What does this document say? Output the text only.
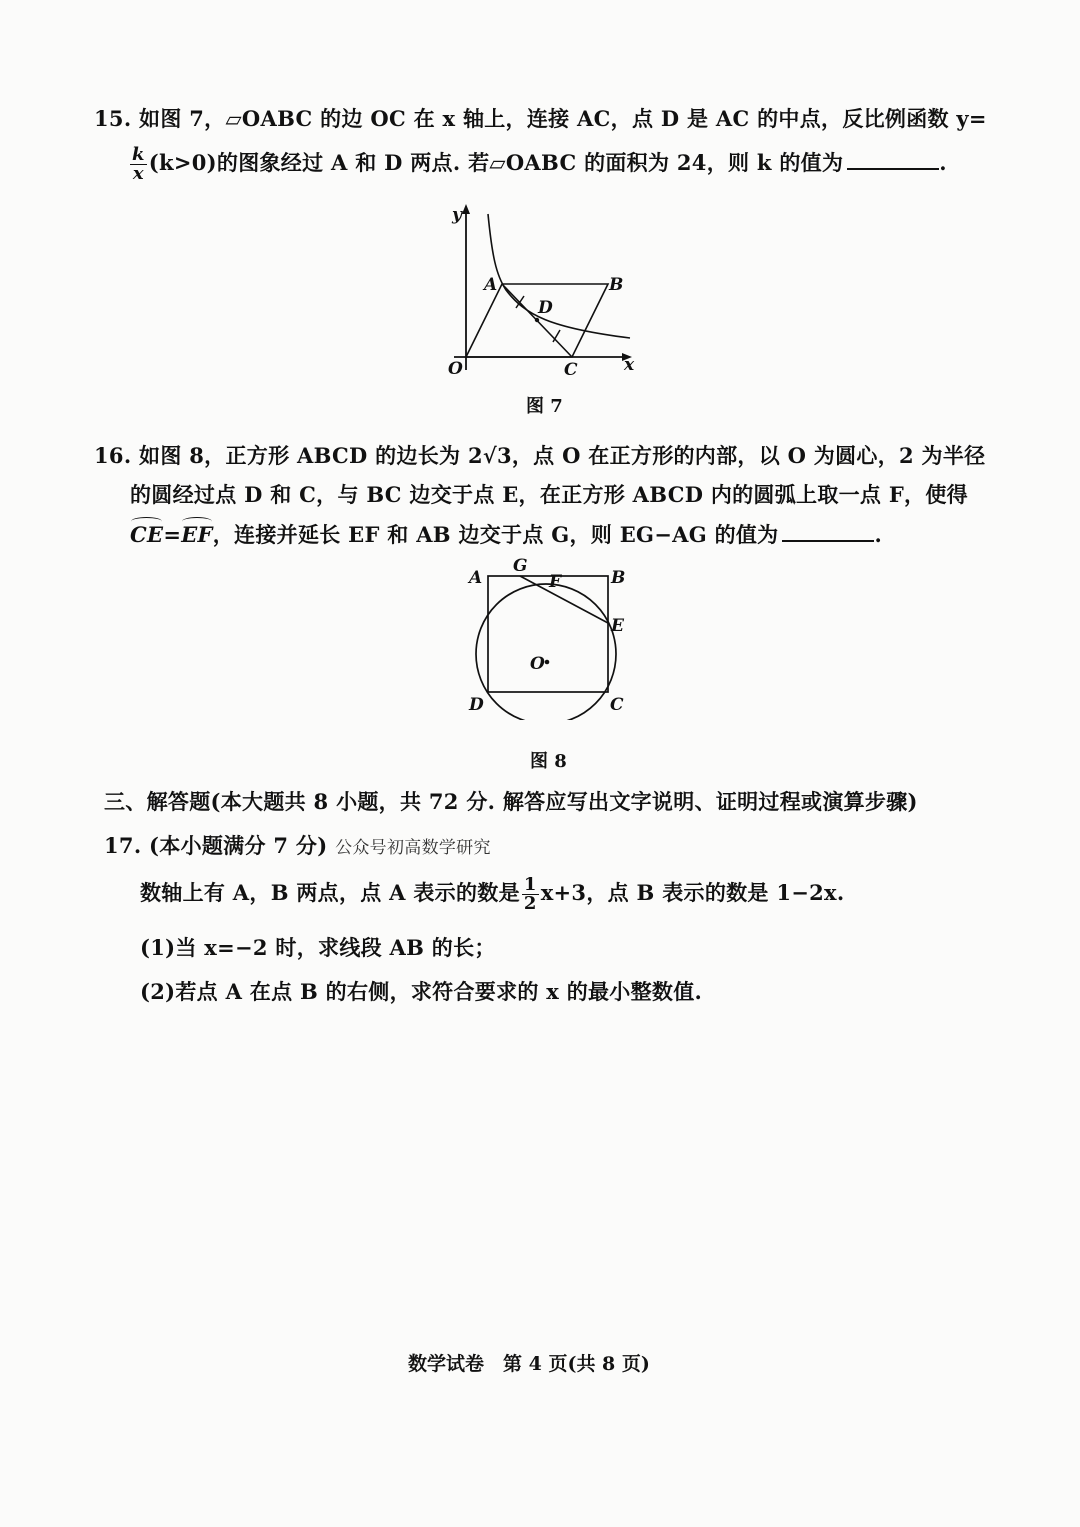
15. 如图 7，▱OABC 的边 OC 在 x 轴上，连接 AC，点 D 是 AC 的中点，反比例函数 y=
$\frac{k}{x} (k>0)$的图象经过 A 和 D 两点. 若▱OABC 的面积为 24，则 k 的值为	.
y
x
O
A	B
C
D
图 7
16. 如图 8，正方形 ABCD 的边长为 2√3，点 O 在正方形的内部，以 O 为圆心，2 为半径
的圆经过点 D 和 C，与 BC 边交于点 E，在正方形 ABCD 内的圆弧上取一点 F，使得
CE=EF，连接并延长 EF 和 AB 边交于点 G，则 EG−AG 的值为	.
A
G
F	B
E
O
D	C
图 8
三、解答题(本大题共 8 小题，共 72 分. 解答应写出文字说明、证明过程或演算步骤)
17. (本小题满分 7 分) 公众号初高数学研究
数轴上有 A，B 两点，点 A 表示的数是 $\frac{1}{2} x+3$，点 B 表示的数是 1−2x.
(1)当 x=−2 时，求线段 AB 的长；
(2)若点 A 在点 B 的右侧，求符合要求的 x 的最小整数值.
数学试卷　第 4 页(共 8 页)
